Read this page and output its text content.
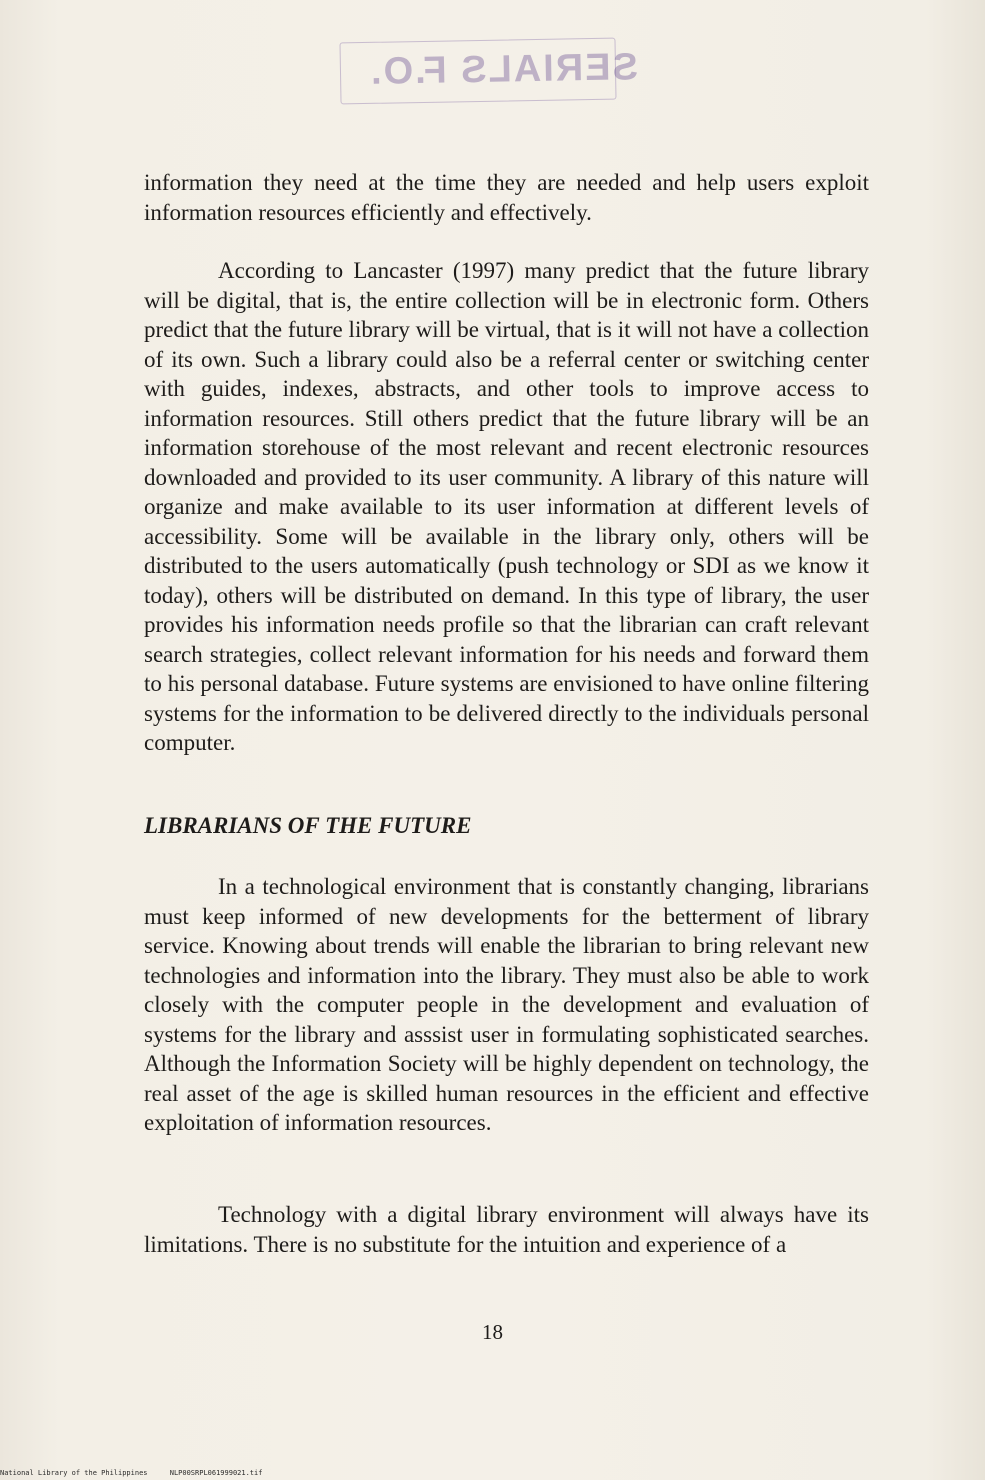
SERIALS F.O.

information they need at the time they are needed and help users exploit information resources efficiently and effectively.

According to Lancaster (1997) many predict that the future library will be digital, that is, the entire collection will be in electronic form. Others predict that the future library will be virtual, that is it will not have a collection of its own. Such a library could also be a referral center or switching center with guides, indexes, abstracts, and other tools to improve access to information resources. Still others predict that the future library will be an information storehouse of the most relevant and recent electronic resources downloaded and provided to its user community. A library of this nature will organize and make available to its user information at different levels of accessibility. Some will be available in the library only, others will be distributed to the users automatically (push technology or SDI as we know it today), others will be distributed on demand. In this type of library, the user provides his information needs profile so that the librarian can craft relevant search strategies, collect relevant information for his needs and forward them to his personal database. Future systems are envisioned to have online filtering systems for the information to be delivered directly to the individuals personal computer.

LIBRARIANS OF THE FUTURE

In a technological environment that is constantly changing, librarians must keep informed of new developments for the betterment of library service. Knowing about trends will enable the librarian to bring relevant new technologies and information into the library. They must also be able to work closely with the computer people in the development and evaluation of systems for the library and asssist user in formulating sophisticated searches. Although the Information Society will be highly dependent on technology, the real asset of the age is skilled human resources in the efficient and effective exploitation of information resources.

Technology with a digital library environment will always have its limitations. There is no substitute for the intuition and experience of a

18
National Library of the Philippines	NLP00SRPL061999021.tif
